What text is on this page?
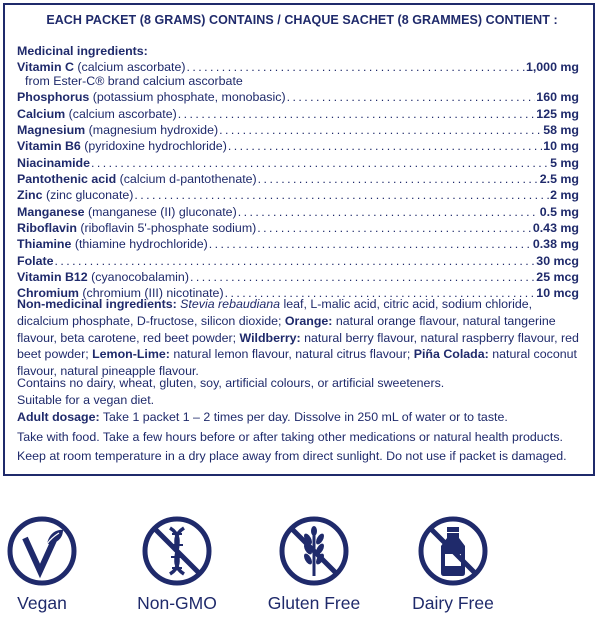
EACH PACKET (8 GRAMS) CONTAINS / CHAQUE SACHET (8 GRAMMES) CONTIENT :
Medicinal ingredients:
Vitamin C (calcium ascorbate) . . .	1,000 mg
from Ester-C® brand calcium ascorbate
Phosphorus (potassium phosphate, monobasic) . . .	160 mg
Calcium (calcium ascorbate) . . .	125 mg
Magnesium (magnesium hydroxide) . . .	58 mg
Vitamin B6 (pyridoxine hydrochloride) . . .	10 mg
Niacinamide . . .	5 mg
Pantothenic acid (calcium d-pantothenate) . . .	2.5 mg
Zinc (zinc gluconate) . . .	2 mg
Manganese (manganese (II) gluconate) . . .	0.5 mg
Riboflavin (riboflavin 5'-phosphate sodium) . . .	0.43 mg
Thiamine (thiamine hydrochloride) . . .	0.38 mg
Folate . . .	30 mcg
Vitamin B12 (cyanocobalamin) . . .	25 mcg
Chromium (chromium (III) nicotinate) . . .	10 mcg
Non-medicinal ingredients: Stevia rebaudiana leaf, L-malic acid, citric acid, sodium chloride, dicalcium phosphate, D-fructose, silicon dioxide; Orange: natural orange flavour, natural tangerine flavour, beta carotene, red beet powder; Wildberry: natural berry flavour, natural raspberry flavour, red beet powder; Lemon-Lime: natural lemon flavour, natural citrus flavour; Piña Colada: natural coconut flavour, natural pineapple flavour.
Contains no dairy, wheat, gluten, soy, artificial colours, or artificial sweeteners.
Suitable for a vegan diet.
Adult dosage: Take 1 packet 1 – 2 times per day. Dissolve in 250 mL of water or to taste.
Take with food. Take a few hours before or after taking other medications or natural health products.
Keep at room temperature in a dry place away from direct sunlight. Do not use if packet is damaged.
Vegan	Non-GMO	Gluten Free	Dairy Free
